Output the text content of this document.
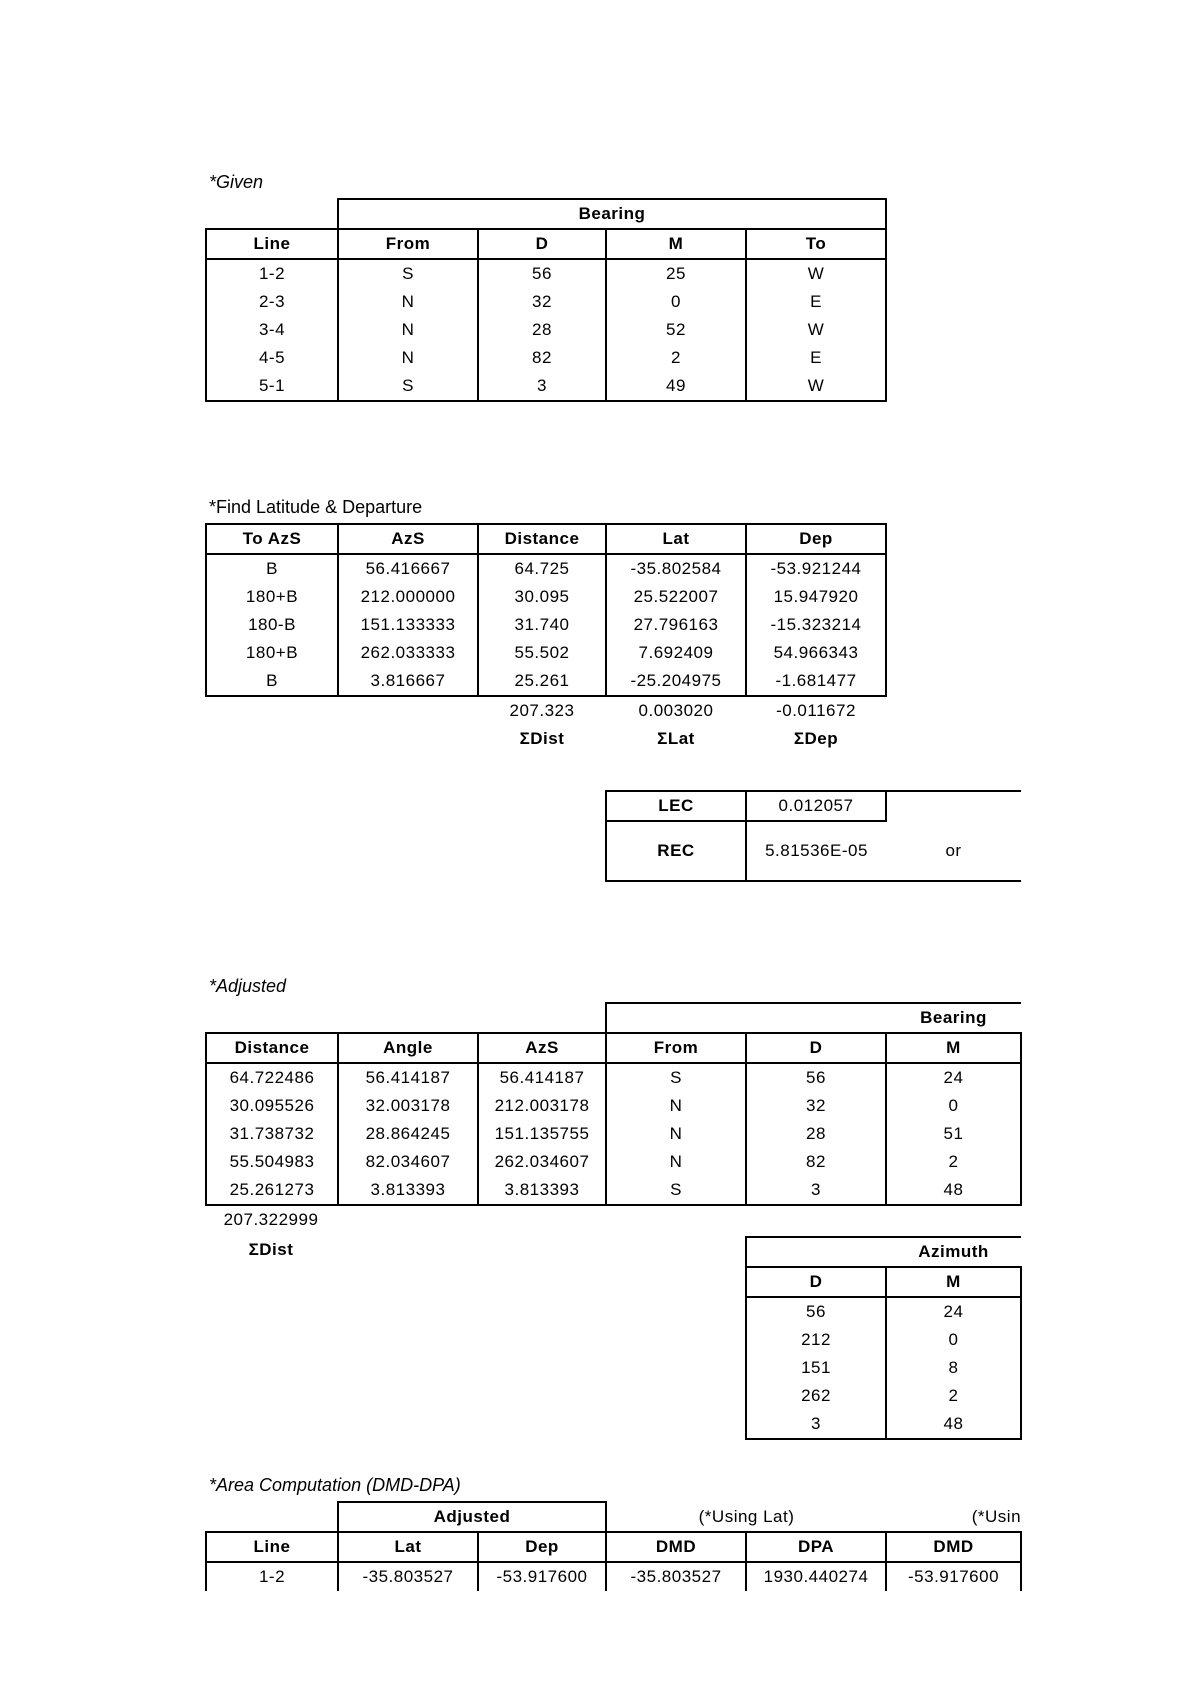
*Given
	Bearing			
Line	From	D	M	To
1-2	S	56	25	W
2-3	N	32	0	E
3-4	N	28	52	W
4-5	N	82	2	E
5-1	S	3	49	W
*Find Latitude & Departure
To AzS	AzS	Distance	Lat	Dep
B	56.416667	64.725	-35.802584	-53.921244
180+B	212.000000	30.095	25.522007	15.947920
180-B	151.133333	31.740	27.796163	-15.323214
180+B	262.033333	55.502	7.692409	54.966343
B	3.816667	25.261	-25.204975	-1.681477
		207.323	0.003020	-0.011672
		ΣDist	ΣLat	ΣDep
LEC	0.012057	
REC	5.81536E-05	or
*Adjusted
					Bearing
Distance	Angle	AzS	From	D	M
64.722486	56.414187	56.414187	S	56	24
30.095526	32.003178	212.003178	N	32	0
31.738732	28.864245	151.135755	N	28	51
55.504983	82.034607	262.034607	N	82	2
25.261273	3.813393	3.813393	S	3	48
207.322999
ΣDist
		Azimuth
D	M
56	24
212	0
151	8
262	2
3	48
*Area Computation (DMD-DPA)
	Adjusted		(*Using Lat)		(*Usin
Line	Lat	Dep	DMD	DPA	DMD
1-2	-35.803527	-53.917600	-35.803527	1930.440274	-53.917600
